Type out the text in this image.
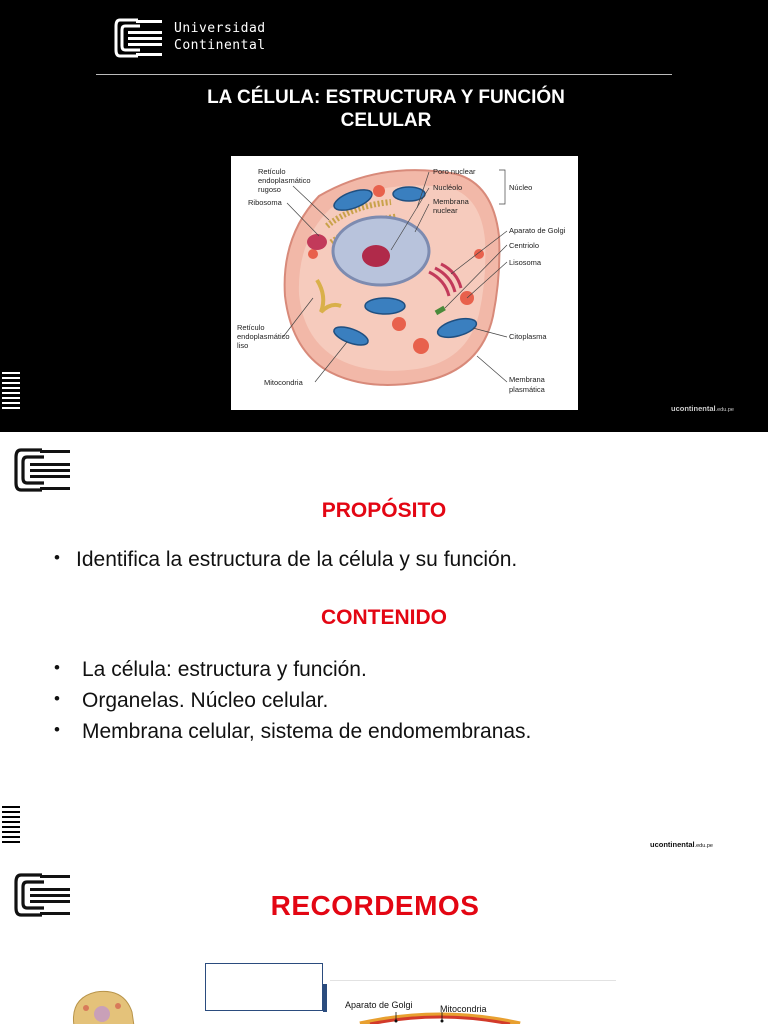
Universidad
Continental
LA CÉLULA: ESTRUCTURA Y FUNCIÓN
CELULAR
Retículo
endoplasmático
rugoso
Ribosoma
Poro nuclear
Nucléolo
Membrana
nuclear
Núcleo
Aparato de Golgi
Centriolo
Lisosoma
Retículo
endoplasmático
liso
Citoplasma
Mitocondria	Membrana
plasmática
ucontinental.edu.pe
PROPÓSITO
• Identifica la estructura de la célula y su función.
CONTENIDO
• La célula: estructura y función.
• Organelas. Núcleo celular.
• Membrana celular, sistema de endomembranas.
ucontinental.edu.pe
RECORDEMOS
Aparato de Golgi	Mitocondria
